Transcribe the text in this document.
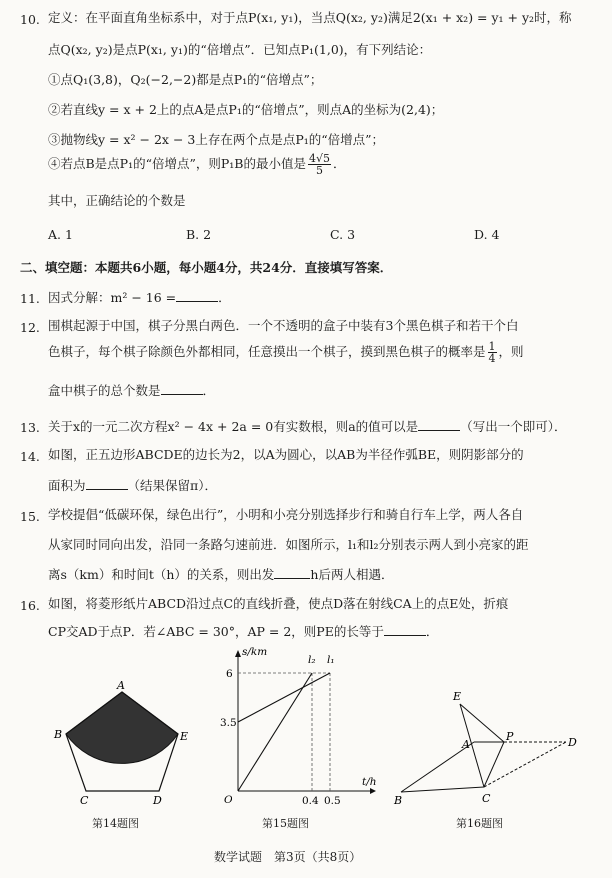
10. 定义：在平面直角坐标系中，对于点P(x₁, y₁)，当点Q(x₂, y₂)满足2(x₁ + x₂) = y₁ + y₂时，称
点Q(x₂, y₂)是点P(x₁, y₁)的“倍增点”．已知点P₁(1,0)，有下列结论：
①点Q₁(3,8)，Q₂(−2,−2)都是点P₁的“倍增点”；
②若直线y = x + 2上的点A是点P₁的“倍增点”，则点A的坐标为(2,4)；
③抛物线y = x² − 2x − 3上存在两个点是点P₁的“倍增点”；
④若点B是点P₁的“倍增点”，则P₁B的最小值是 $\frac{4√5}{5}$ ．
其中，正确结论的个数是
A. 1	B. 2	C. 3	D. 4
二、填空题：本题共6小题，每小题4分，共24分．直接填写答案．
11. 因式分解：m² − 16 =	．
12. 围棋起源于中国，棋子分黑白两色．一个不透明的盒子中装有3个黑色棋子和若干个白
色棋子，每个棋子除颜色外都相同，任意摸出一个棋子，摸到黑色棋子的概率是 $\frac{1}{4}$ ，则
盒中棋子的总个数是	．
13. 关于x的一元二次方程x² − 4x + 2a = 0有实数根，则a的值可以是	（写出一个即可）．
14. 如图，正五边形ABCDE的边长为2，以A为圆心，以AB为半径作弧BE，则阴影部分的
面积为	（结果保留π）．
15. 学校提倡“低碳环保，绿色出行”，小明和小亮分别选择步行和骑自行车上学，两人各自
从家同时同向出发，沿同一条路匀速前进．如图所示，l₁和l₂分别表示两人到小亮家的距
离s（km）和时间t（h）的关系，则出发	h后两人相遇．
16. 如图，将菱形纸片ABCD沿过点C的直线折叠，使点D落在射线CA上的点E处，折痕
CP交AD于点P．若∠ABC = 30°，AP = 2，则PE的长等于	．
A
B	E
C	D
第14题图
s/km
t/h
O
6
3.5
0.4 0.5
l₂ l₁
第15题图
E
A
P	D
B	C
第16题图
数学试题　第3页（共8页）
